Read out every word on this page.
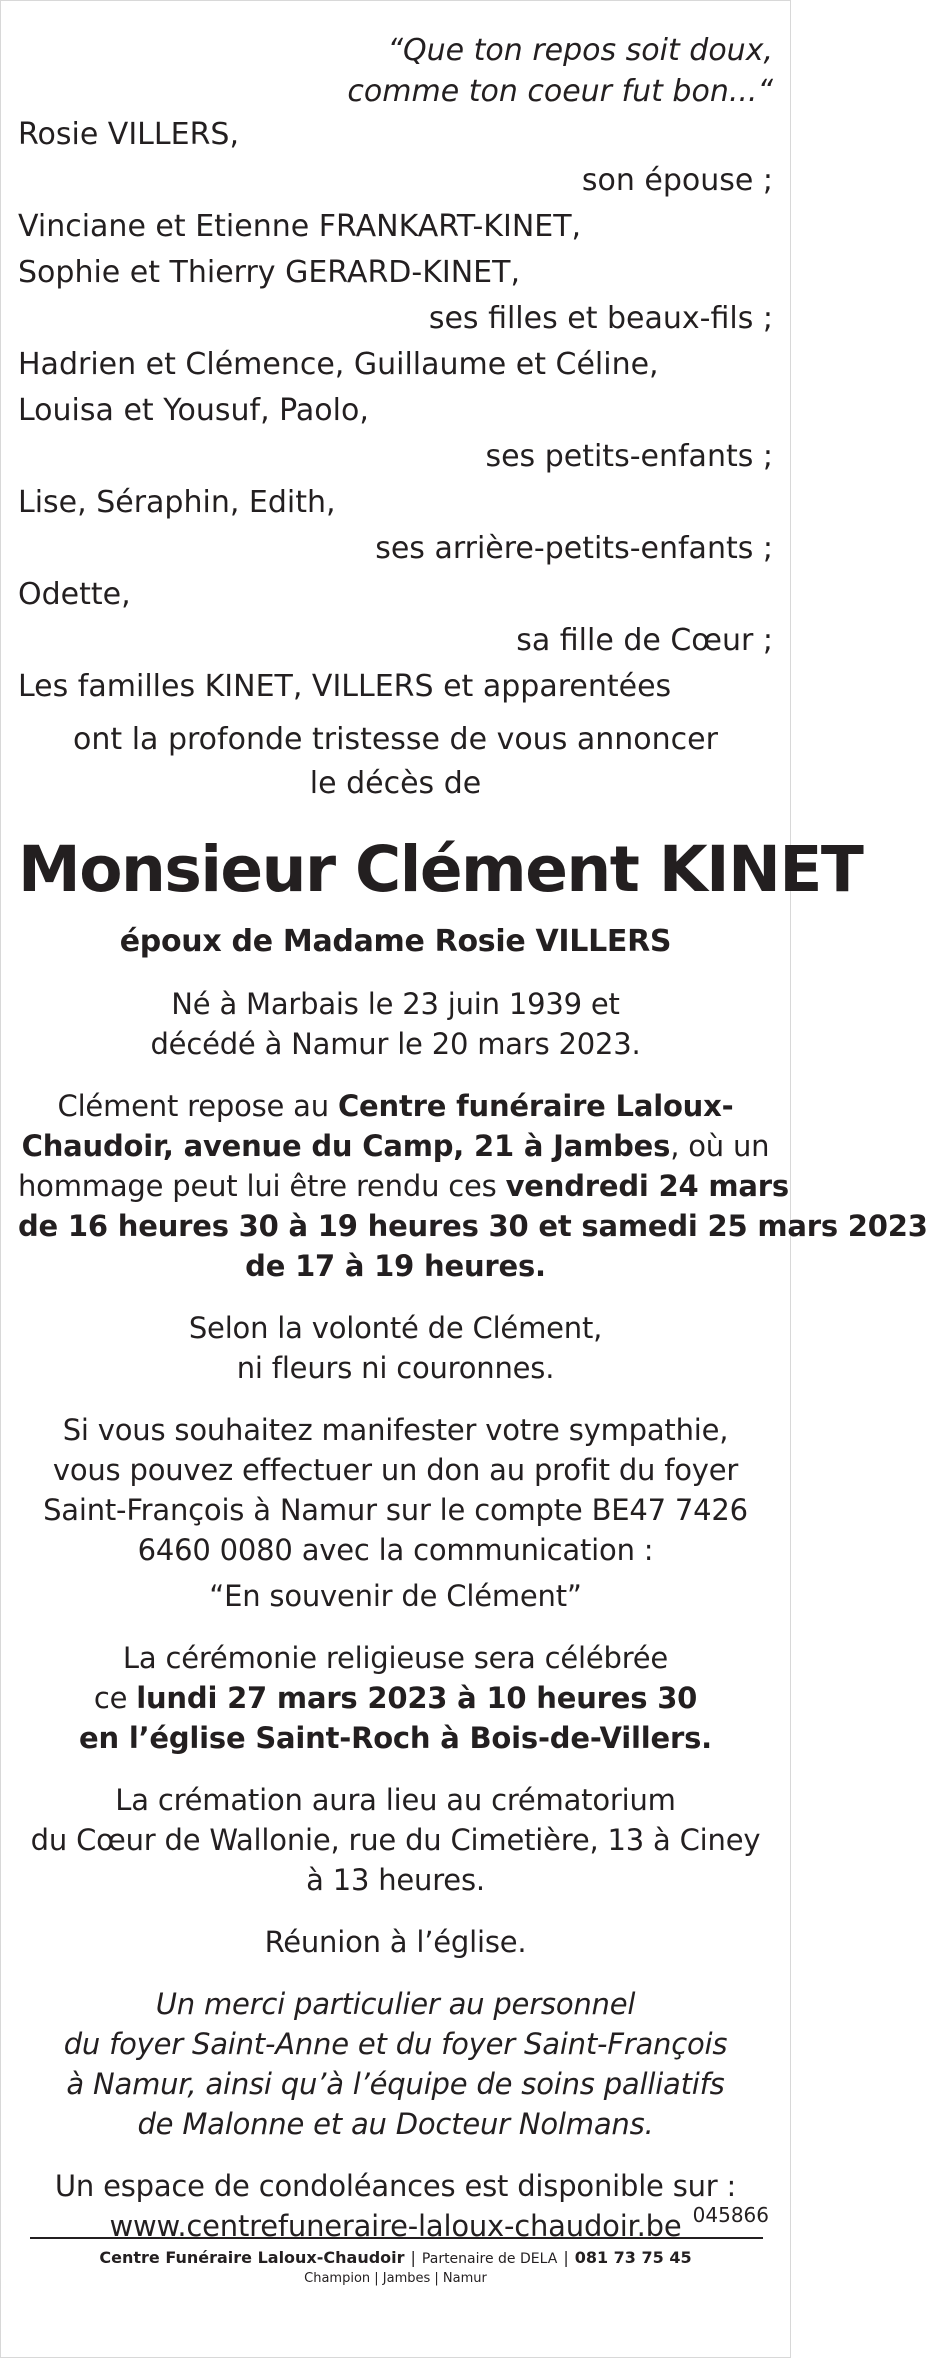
“Que ton repos soit doux,
comme ton coeur fut bon...“
Rosie VILLERS,
son épouse ;
Vinciane et Etienne FRANKART-KINET,
Sophie et Thierry GERARD-KINET,
ses filles et beaux-fils ;
Hadrien et Clémence, Guillaume et Céline,
Louisa et Yousuf, Paolo,
ses petits-enfants ;
Lise, Séraphin, Edith,
ses arrière-petits-enfants ;
Odette,
sa fille de Cœur ;
Les familles KINET, VILLERS et apparentées
ont la profonde tristesse de vous annoncer
le décès de
Monsieur Clément KINET
époux de Madame Rosie VILLERS
Né à Marbais le 23 juin 1939 et
décédé à Namur le 20 mars 2023.
Clément repose au Centre funéraire Laloux-
Chaudoir, avenue du Camp, 21 à Jambes, où un
hommage peut lui être rendu ces vendredi 24 mars
de 16 heures 30 à 19 heures 30 et samedi 25 mars 2023
de 17 à 19 heures.
Selon la volonté de Clément,
ni fleurs ni couronnes.
Si vous souhaitez manifester votre sympathie,
vous pouvez effectuer un don au profit du foyer
Saint-François à Namur sur le compte BE47 7426
6460 0080 avec la communication :
“En souvenir de Clément”
La cérémonie religieuse sera célébrée
ce lundi 27 mars 2023 à 10 heures 30
en l’église Saint-Roch à Bois-de-Villers.
La crémation aura lieu au crématorium
du Cœur de Wallonie, rue du Cimetière, 13 à Ciney
à 13 heures.
Réunion à l’église.
Un merci particulier au personnel
du foyer Saint-Anne et du foyer Saint-François
à Namur, ainsi qu’à l’équipe de soins palliatifs
de Malonne et au Docteur Nolmans.
Un espace de condoléances est disponible sur :
www.centrefuneraire-laloux-chaudoir.be 045866
Centre Funéraire Laloux-Chaudoir | Partenaire de DELA | 081 73 75 45
Champion | Jambes | Namur
